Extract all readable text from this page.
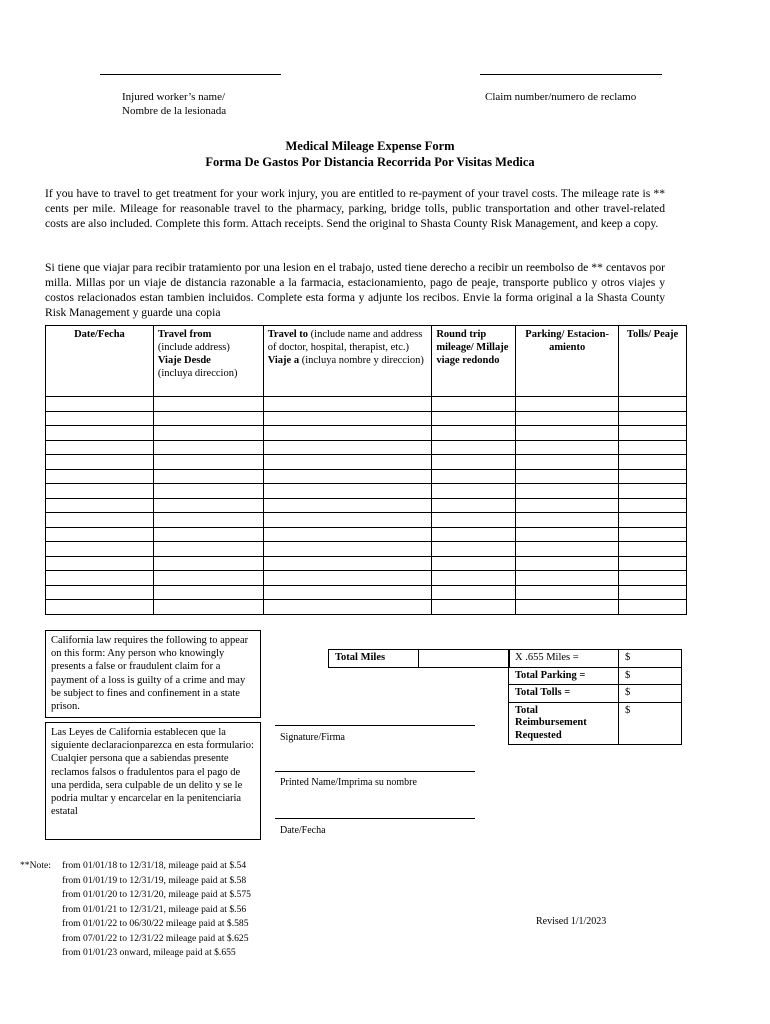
Injured worker’s name/
Nombre de la lesionada
Claim number/numero de reclamo
Medical Mileage Expense Form
Forma De Gastos Por Distancia Recorrida Por Visitas Medica
If you have to travel to get treatment for your work injury, you are entitled to re-payment of your travel costs. The mileage rate is ** cents per mile. Mileage for reasonable travel to the pharmacy, parking, bridge tolls, public transportation and other travel-related costs are also included. Complete this form. Attach receipts. Send the original to Shasta County Risk Management, and keep a copy.
Si tiene que viajar para recibir tratamiento por una lesion en el trabajo, usted tiene derecho a recibir un reembolso de ** centavos por milla. Millas por un viaje de distancia razonable a la farmacia, estacionamiento, pago de peaje, transporte publico y otros viajes y costos relacionados estan tambien incluidos. Complete esta forma y adjunte los recibos. Envie la forma original a la Shasta County Risk Management y guarde una copia
Date/Fecha	Travel from
(include address)
Viaje Desde
(incluya direccion)	Travel to (include name and address of doctor, hospital, therapist, etc.)
Viaje a (incluya nombre y direccion)	Round trip mileage/ Millaje viage redondo	Parking/ Estacion-amiento	Tolls/ Peaje

California law requires the following to appear on this form: Any person who knowingly presents a false or fraudulent claim for a payment of a loss is guilty of a crime and may be subject to fines and confinement in a state prison.
Las Leyes de California establecen que la siguiente declaracionparezca en esta formulario: Cualqier persona que a sabiendas presente reclamos falsos o fradulentos para el pago de una perdida, sera culpable de un delito y se le podria multar y encarcelar en la penitenciaria estatal
Total Miles		X .655 Miles =	$
Total Parking =	$
Total Tolls =	$
Total Reimbursement Requested	$
Signature/Firma
Printed Name/Imprima su nombre
Date/Fecha
**Note: from 01/01/18 to 12/31/18, mileage paid at $.54
from 01/01/19 to 12/31/19, mileage paid at $.58
from 01/01/20 to 12/31/20, mileage paid at $.575
from 01/01/21 to 12/31/21, mileage paid at $.56
from 01/01/22 to 06/30/22 mileage paid at $.585
from 07/01/22 to 12/31/22 mileage paid at $.625
from 01/01/23 onward, mileage paid at $.655
Revised 1/1/2023
